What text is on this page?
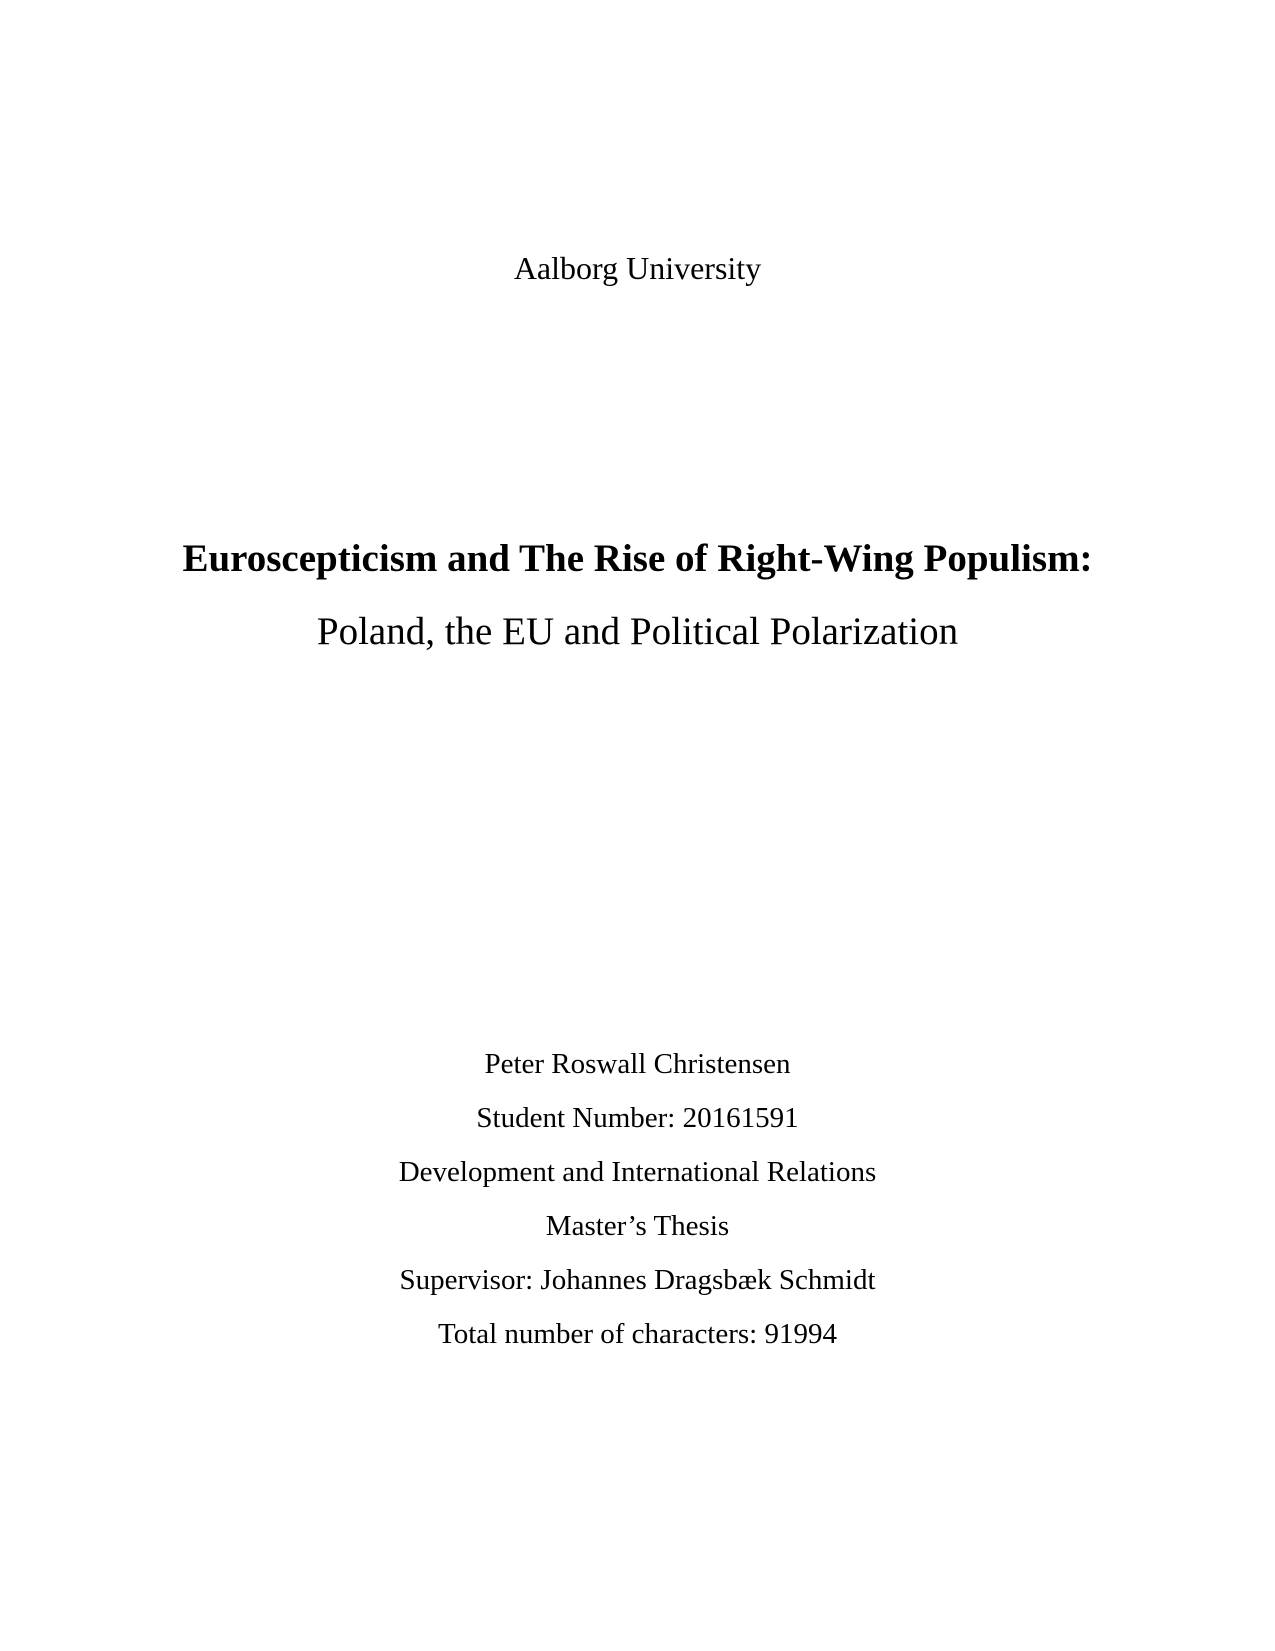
Aalborg University
Euroscepticism and The Rise of Right-Wing Populism:
Poland, the EU and Political Polarization
Peter Roswall Christensen
Student Number: 20161591
Development and International Relations
Master’s Thesis
Supervisor: Johannes Dragsbæk Schmidt
Total number of characters: 91994
